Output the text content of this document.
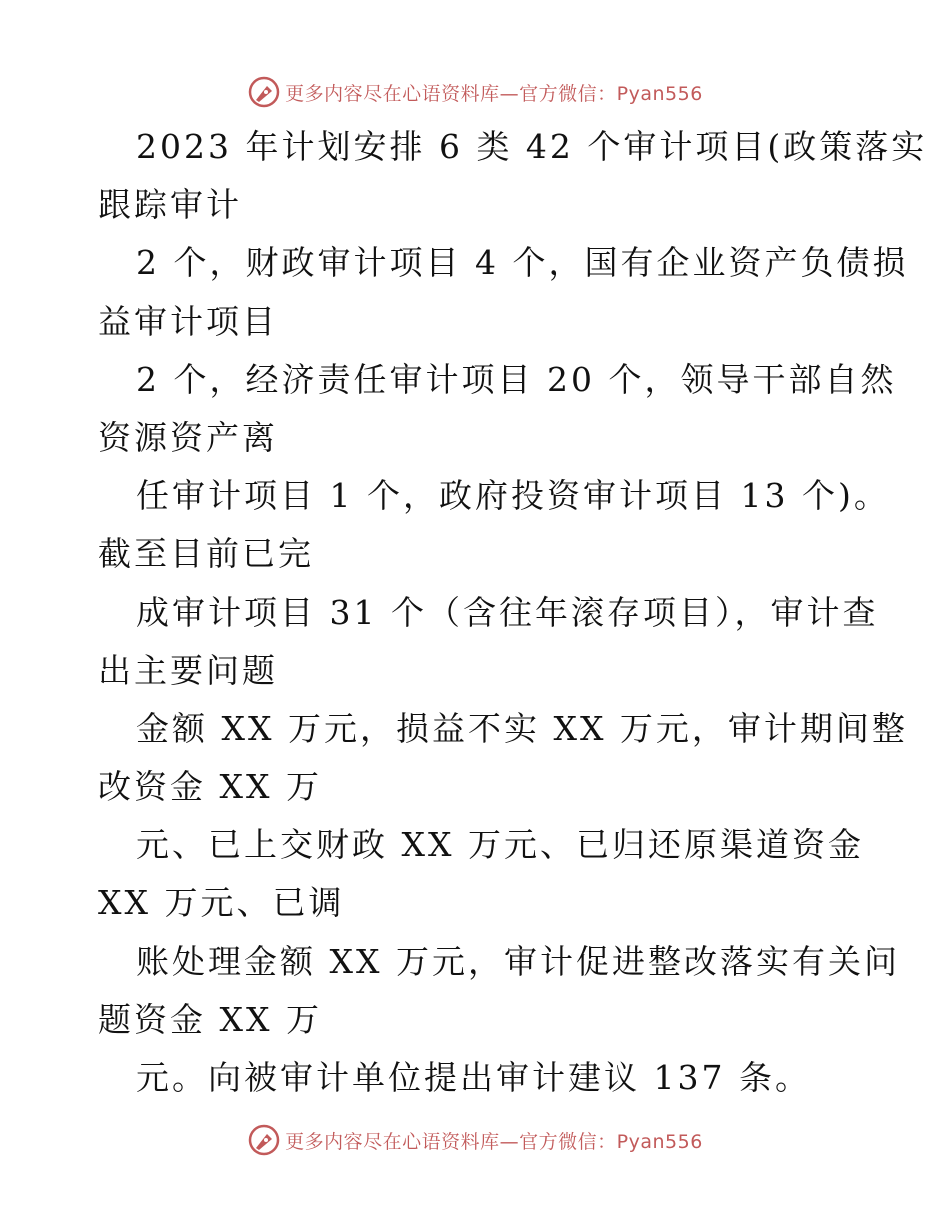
更多内容尽在心语资料库—官方微信：Pyan556
2023 年计划安排 6 类 42 个审计项目(政策落实
跟踪审计
2 个，财政审计项目 4 个，国有企业资产负债损
益审计项目
2 个，经济责任审计项目 20 个，领导干部自然
资源资产离
任审计项目 1 个，政府投资审计项目 13 个)。
截至目前已完
成审计项目 31 个（含往年滚存项目），审计查
出主要问题
金额 XX 万元，损益不实 XX 万元，审计期间整
改资金 XX 万
元、已上交财政 XX 万元、已归还原渠道资金
XX 万元、已调
账处理金额 XX 万元，审计促进整改落实有关问
题资金 XX 万
元。向被审计单位提出审计建议 137 条。
更多内容尽在心语资料库—官方微信：Pyan556
